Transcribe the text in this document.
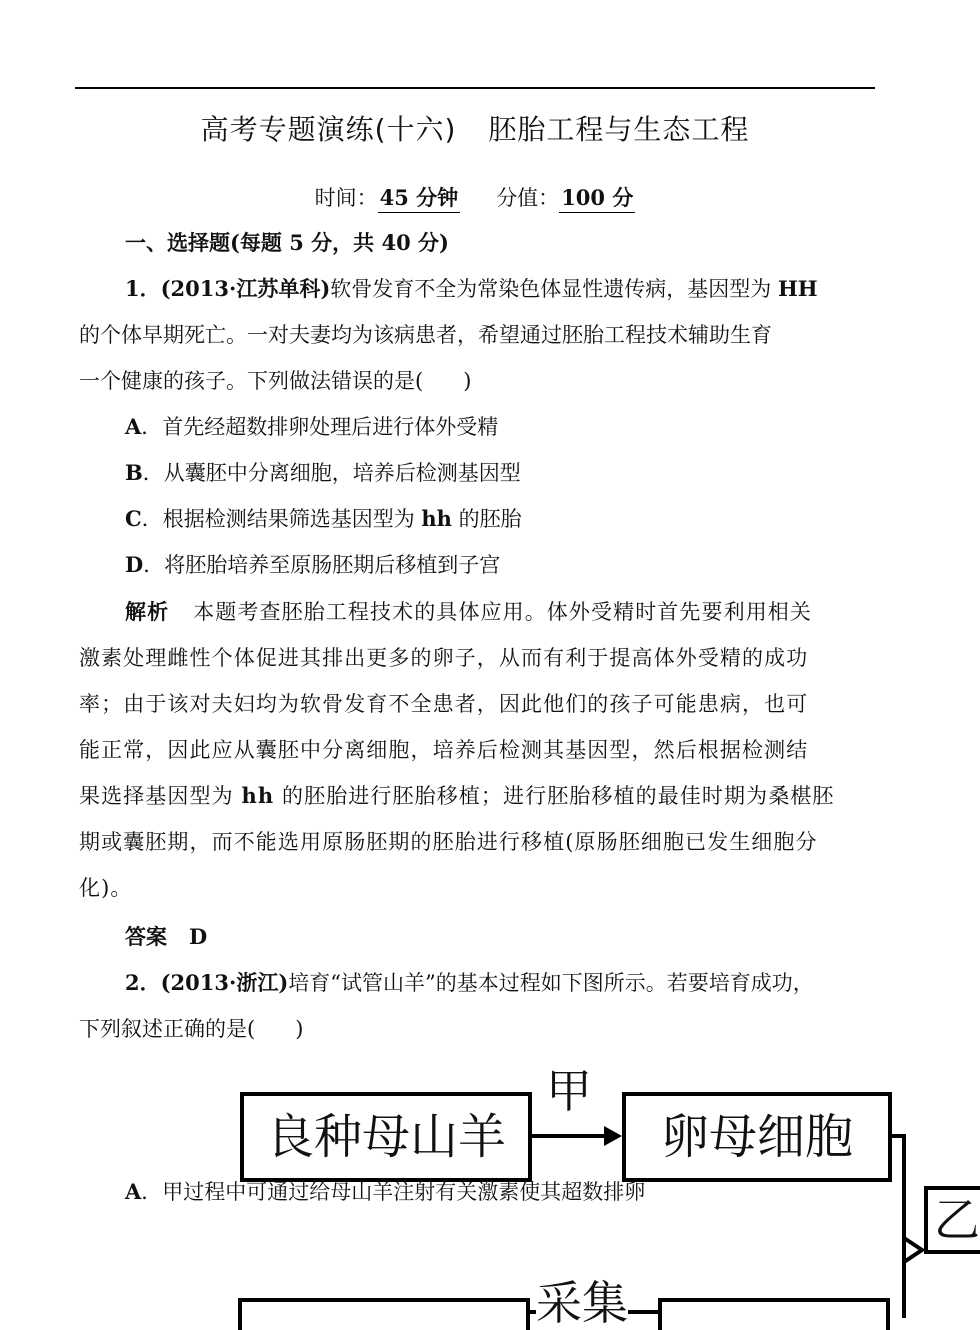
高考专题演练(十六) 胚胎工程与生态工程
时间：45 分钟 分值：100 分
一、选择题(每题 5 分，共 40 分)
1．(2013·江苏单科)软骨发育不全为常染色体显性遗传病，基因型为 HH
的个体早期死亡。一对夫妻均为该病患者，希望通过胚胎工程技术辅助生育
一个健康的孩子。下列做法错误的是( )
A．首先经超数排卵处理后进行体外受精
B．从囊胚中分离细胞，培养后检测基因型
C．根据检测结果筛选基因型为 hh 的胚胎
D．将胚胎培养至原肠胚期后移植到子宫
解析 本题考查胚胎工程技术的具体应用。体外受精时首先要利用相关
激素处理雌性个体促进其排出更多的卵子，从而有利于提高体外受精的成功
率；由于该对夫妇均为软骨发育不全患者，因此他们的孩子可能患病，也可
能正常，因此应从囊胚中分离细胞，培养后检测其基因型，然后根据检测结
果选择基因型为 hh 的胚胎进行胚胎移植；进行胚胎移植的最佳时期为桑椹胚
期或囊胚期，而不能选用原肠胚期的胚胎进行移植(原肠胚细胞已发生细胞分
化)。
答案 D
2．(2013·浙江)培育“试管山羊”的基本过程如下图所示。若要培育成功，
下列叙述正确的是( )
良种母山羊
甲
卵母细胞
乙
采集
A．甲过程中可通过给母山羊注射有关激素使其超数排卵
